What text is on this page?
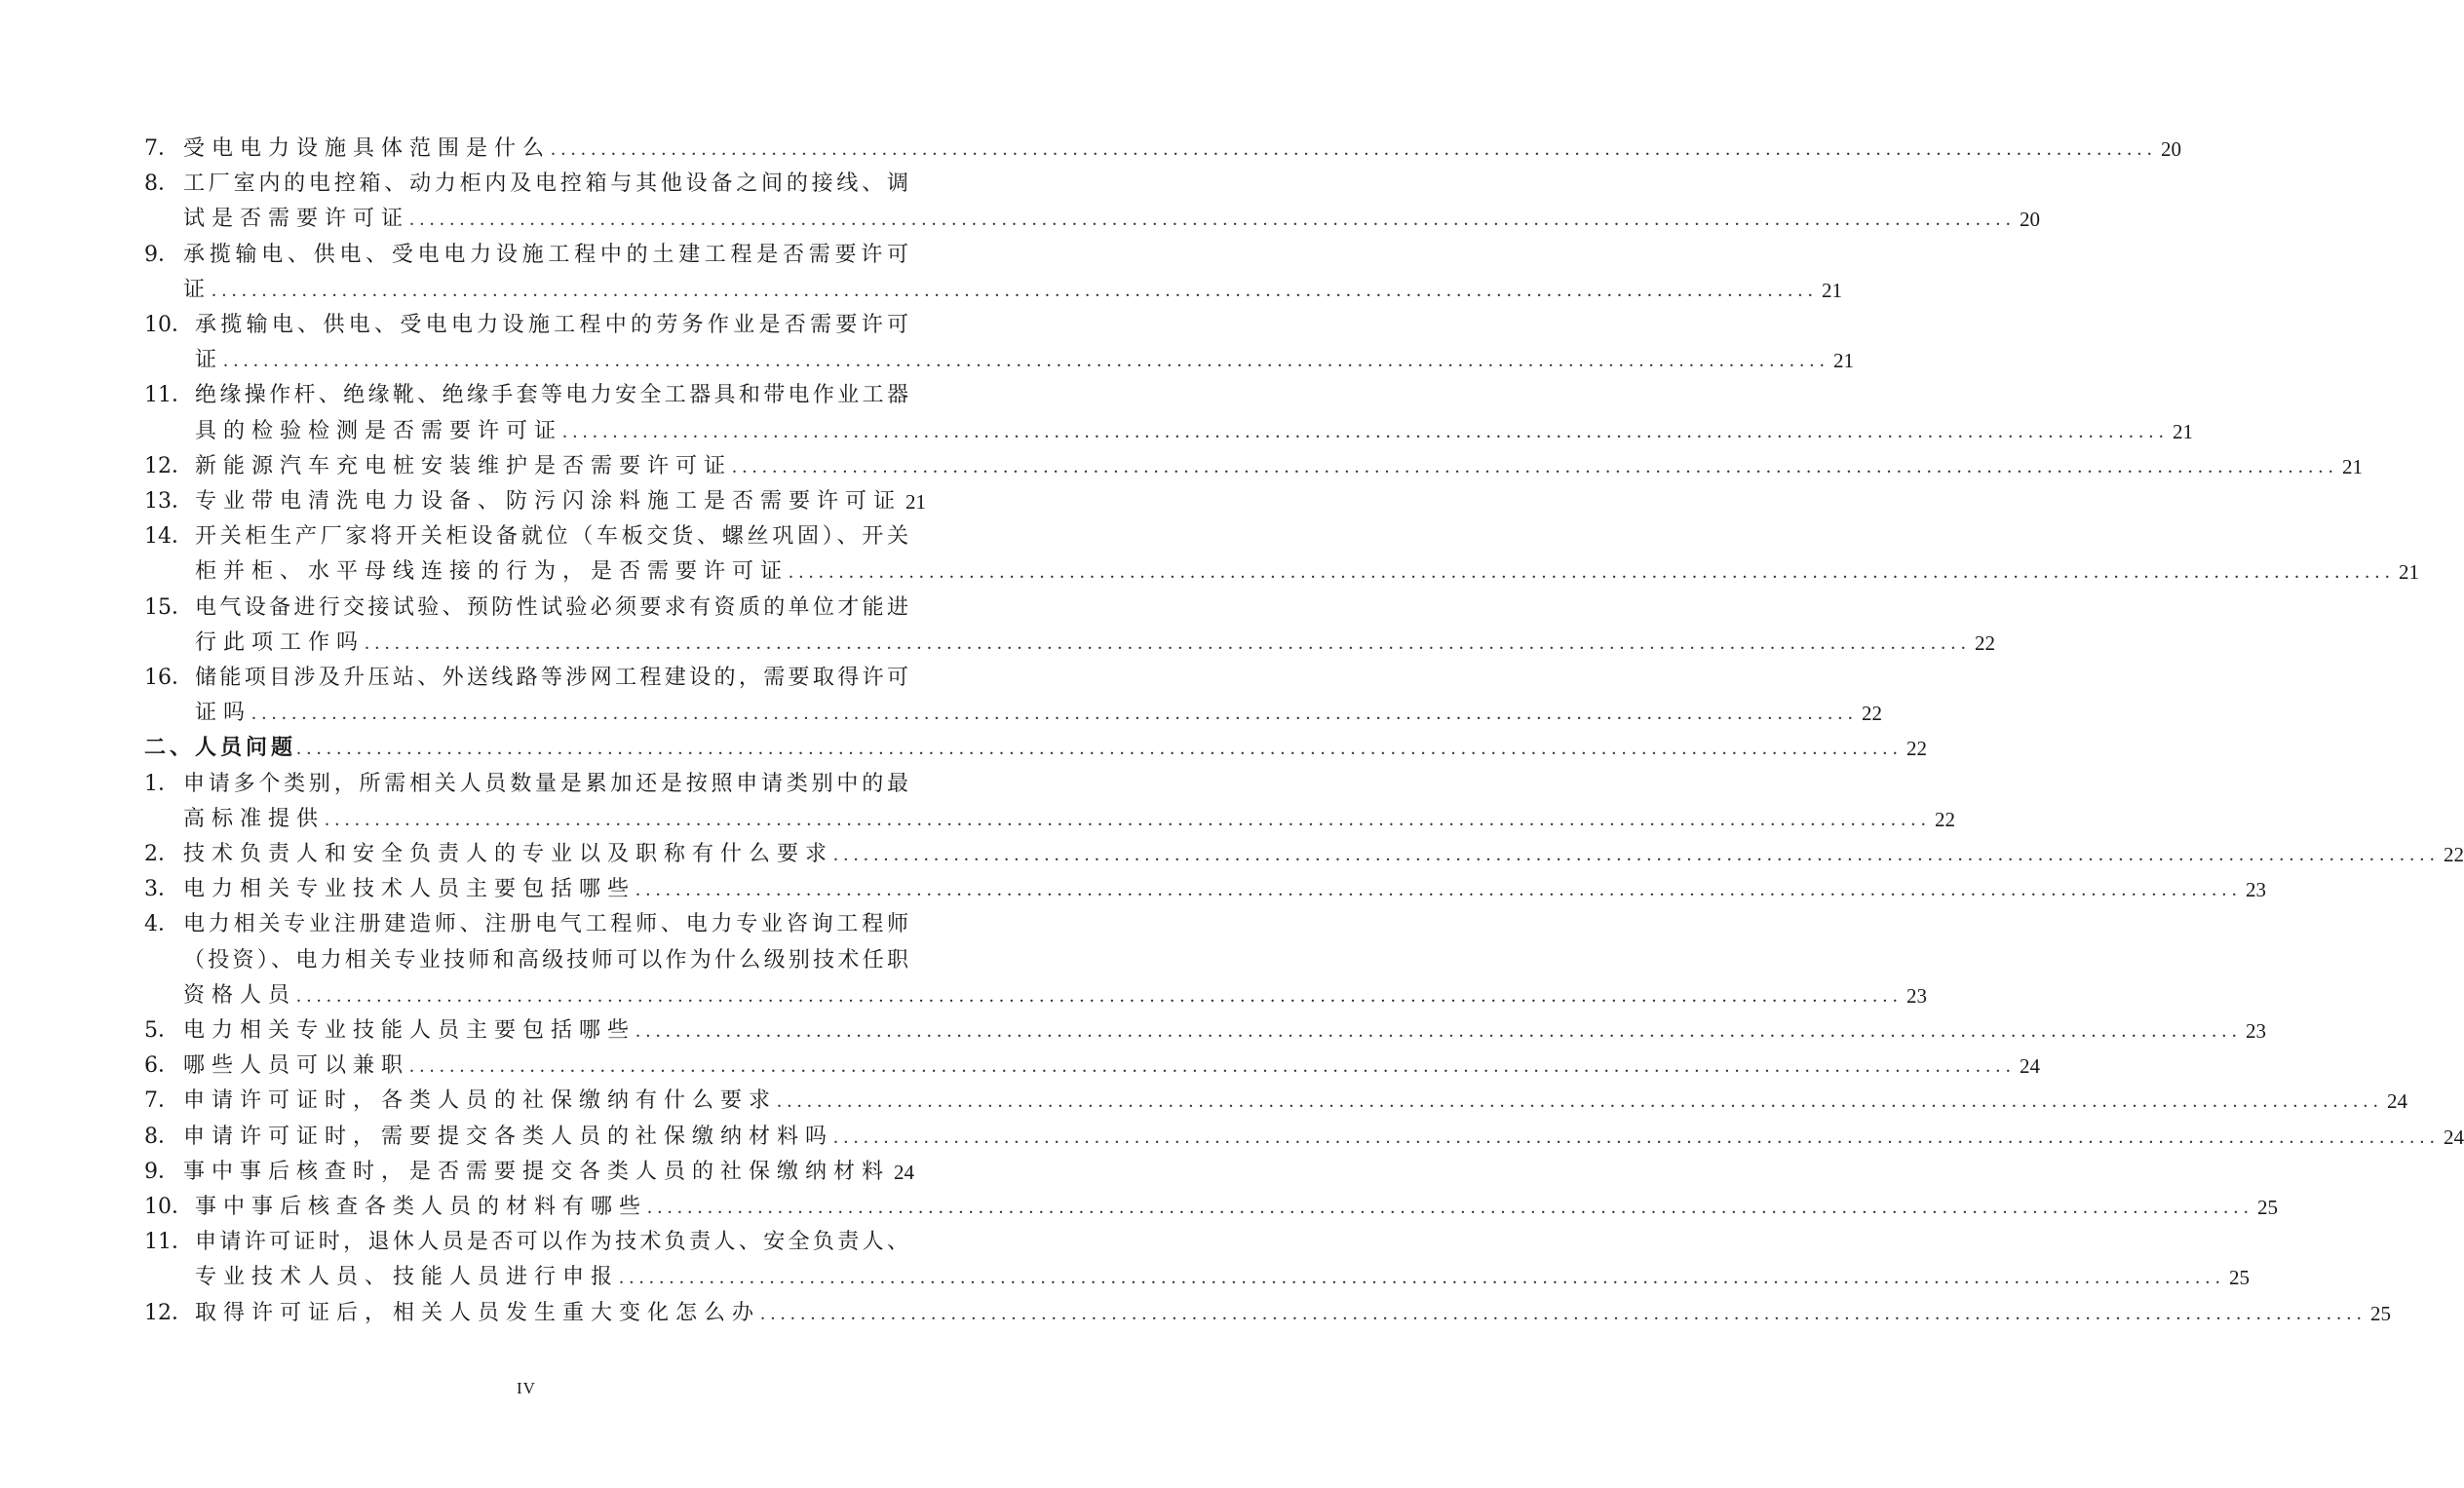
7． 受电电力设施具体范围是什么 ................................................................................................................................................................ 20
8． 工厂室内的电控箱、动力柜内及电控箱与其他设备之间的接线、调
试是否需要许可证 ................................................................................................................................................................ 20
9． 承揽输电、供电、受电电力设施工程中的土建工程是否需要许可
证 ................................................................................................................................................................ 21
10． 承揽输电、供电、受电电力设施工程中的劳务作业是否需要许可
证 ................................................................................................................................................................ 21
11． 绝缘操作杆、绝缘靴、绝缘手套等电力安全工器具和带电作业工器
具的检验检测是否需要许可证 ................................................................................................................................................................ 21
12． 新能源汽车充电桩安装维护是否需要许可证 ................................................................................................................................................................ 21
13． 专业带电清洗电力设备、防污闪涂料施工是否需要许可证 21
14． 开关柜生产厂家将开关柜设备就位（车板交货、螺丝巩固）、开关
柜并柜、水平母线连接的行为，是否需要许可证 ................................................................................................................................................................ 21
15． 电气设备进行交接试验、预防性试验必须要求有资质的单位才能进
行此项工作吗 ................................................................................................................................................................ 22
16． 储能项目涉及升压站、外送线路等涉网工程建设的，需要取得许可
证吗 ................................................................................................................................................................ 22
二、人员问题 ................................................................................................................................................................ 22
1． 申请多个类别，所需相关人员数量是累加还是按照申请类别中的最
高标准提供 ................................................................................................................................................................ 22
2． 技术负责人和安全负责人的专业以及职称有什么要求 ................................................................................................................................................................ 22
3． 电力相关专业技术人员主要包括哪些 ................................................................................................................................................................ 23
4． 电力相关专业注册建造师、注册电气工程师、电力专业咨询工程师
（投资）、电力相关专业技师和高级技师可以作为什么级别技术任职
资格人员 ................................................................................................................................................................ 23
5． 电力相关专业技能人员主要包括哪些 ................................................................................................................................................................ 23
6． 哪些人员可以兼职 ................................................................................................................................................................ 24
7． 申请许可证时，各类人员的社保缴纳有什么要求 ................................................................................................................................................................ 24
8． 申请许可证时，需要提交各类人员的社保缴纳材料吗 ................................................................................................................................................................ 24
9． 事中事后核查时，是否需要提交各类人员的社保缴纳材料 24
10． 事中事后核查各类人员的材料有哪些 ................................................................................................................................................................ 25
11． 申请许可证时，退休人员是否可以作为技术负责人、安全负责人、
专业技术人员、技能人员进行申报 ................................................................................................................................................................ 25
12． 取得许可证后，相关人员发生重大变化怎么办 ................................................................................................................................................................ 25
IV
